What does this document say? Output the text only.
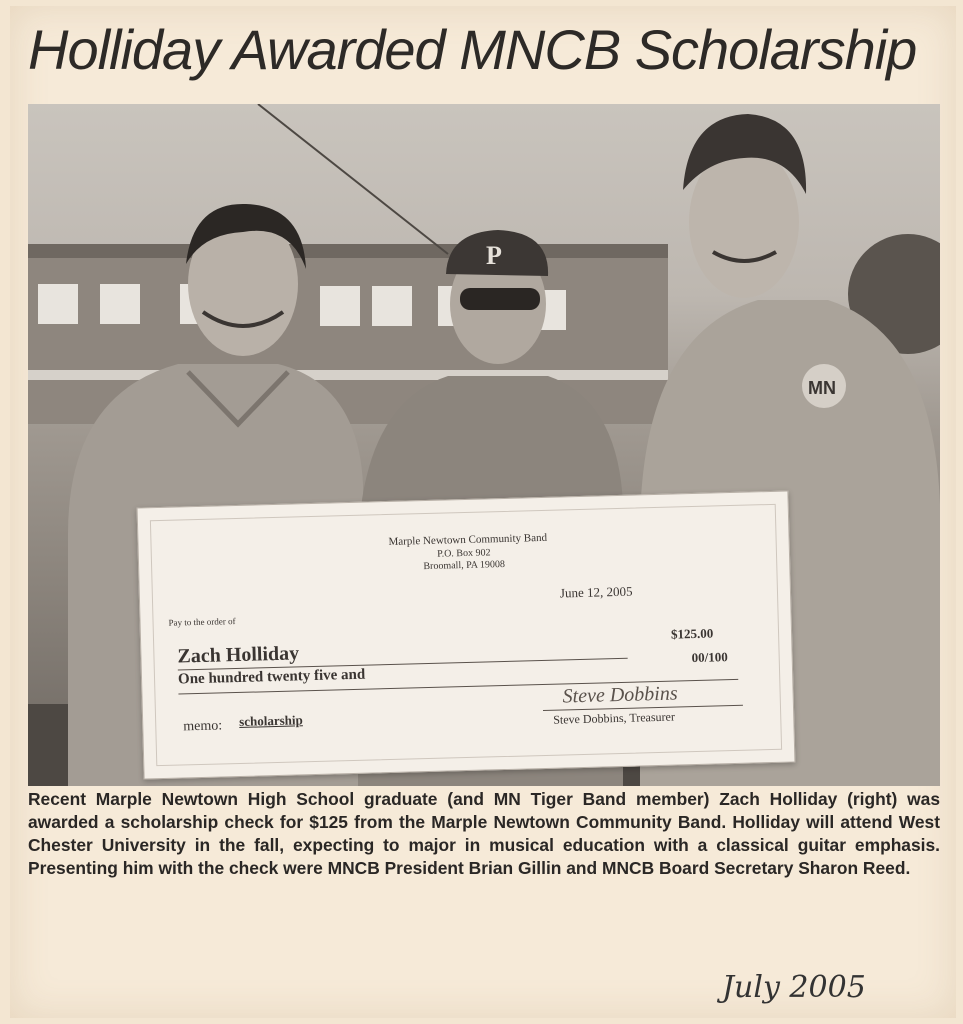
Holliday Awarded MNCB Scholarship
P
MN
Marple Newtown Community Band
P.O. Box 902
Broomall, PA 19008
June 12, 2005
Pay to the order of
Zach Holliday
$125.00
One hundred twenty five and
00/100
memo: scholarship
Steve Dobbins
Steve Dobbins, Treasurer
Recent Marple Newtown High School graduate (and MN Tiger Band member) Zach Holliday (right) was awarded a scholarship check for $125 from the Marple Newtown Community Band. Holliday will attend West Chester University in the fall, expecting to major in musical education with a classical guitar emphasis. Presenting him with the check were MNCB President Brian Gillin and MNCB Board Secretary Sharon Reed.
July 2005
